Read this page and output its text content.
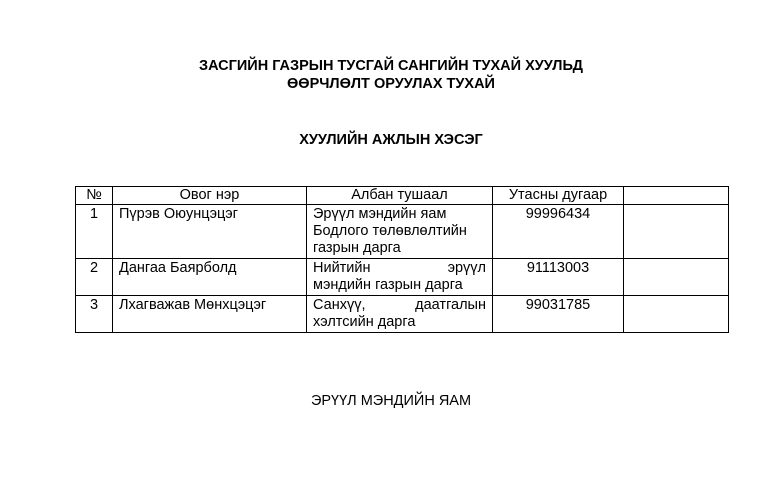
ЗАСГИЙН ГАЗРЫН ТУСГАЙ САНГИЙН ТУХАЙ ХУУЛЬД
ӨӨРЧЛӨЛТ ОРУУЛАХ ТУХАЙ
ХУУЛИЙН АЖЛЫН ХЭСЭГ
№	Овог нэр	Албан тушаал	Утасны дугаар	
1	Пүрэв Оюунцэцэг	Эрүүл мэндийн яам
Бодлого төлөвлөлтийн
газрын дарга	99996434	
2	Дангаа Баярболд	Нийтийн эрүүл
мэндийн газрын дарга	91113003	
3	Лхагважав Мөнхцэцэг	Санхүү, даатгалын
хэлтсийн дарга	99031785	

ЭРҮҮЛ МЭНДИЙН ЯАМ
